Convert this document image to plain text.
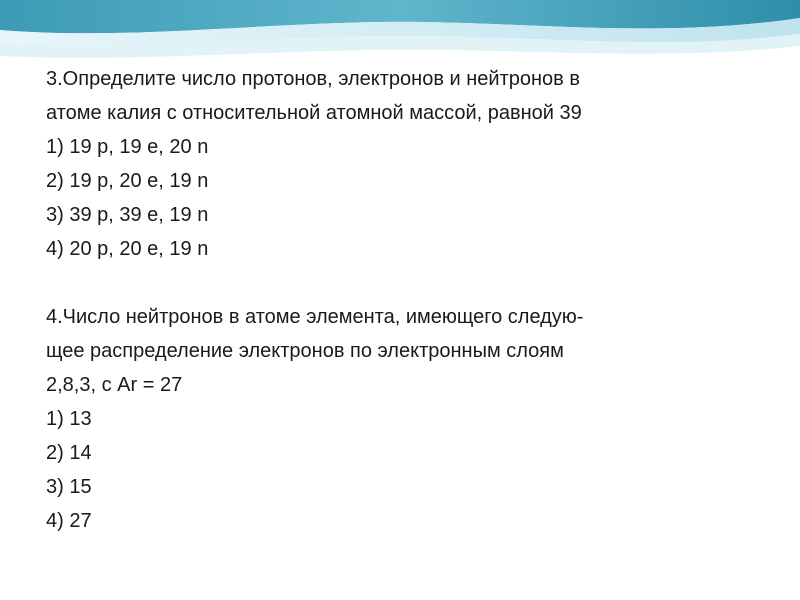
3.Определите число протонов, электронов и нейтронов в
атоме калия с относительной атомной массой, равной 39
1) 19 p, 19 e, 20 n
2) 19 p, 20 e, 19 n
3) 39 p, 39 e, 19 n
4) 20 p, 20 e, 19 n
4.Число нейтронов в атоме элемента, имеющего следую-
щее распределение электронов по электронным слоям
2,8,3, с Ar = 27
1) 13
2) 14
3) 15
4) 27
